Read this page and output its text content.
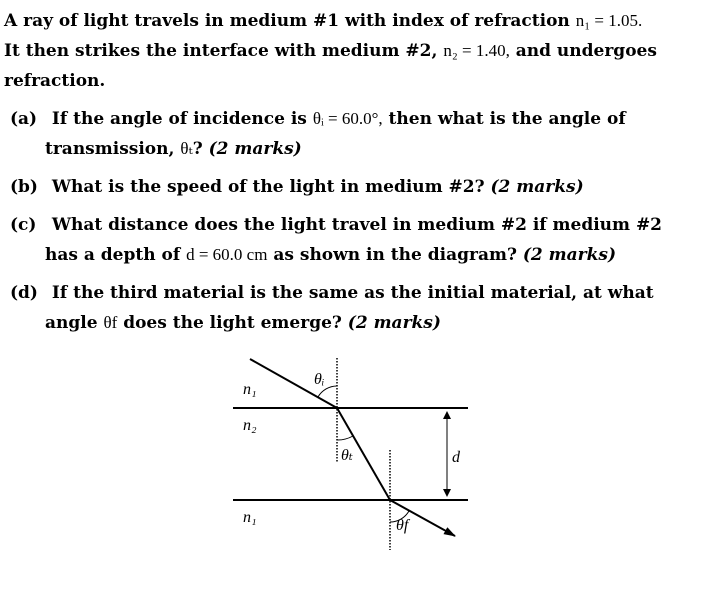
A ray of light travels in medium #1 with index of refraction n₁ = 1.05.
It then strikes the interface with medium #2, n₂ = 1.40, and undergoes
refraction.
(a) If the angle of incidence is θᵢ = 60.0°, then what is the angle of
transmission, θₜ? (2 marks)
(b) What is the speed of the light in medium #2? (2 marks)
(c) What distance does the light travel in medium #2 if medium #2
has a depth of d = 60.0 cm as shown in the diagram? (2 marks)
(d) If the third material is the same as the initial material, at what
angle θf does the light emerge? (2 marks)
n₁
n₂
n₁
θᵢ
θₜ
θf
d
